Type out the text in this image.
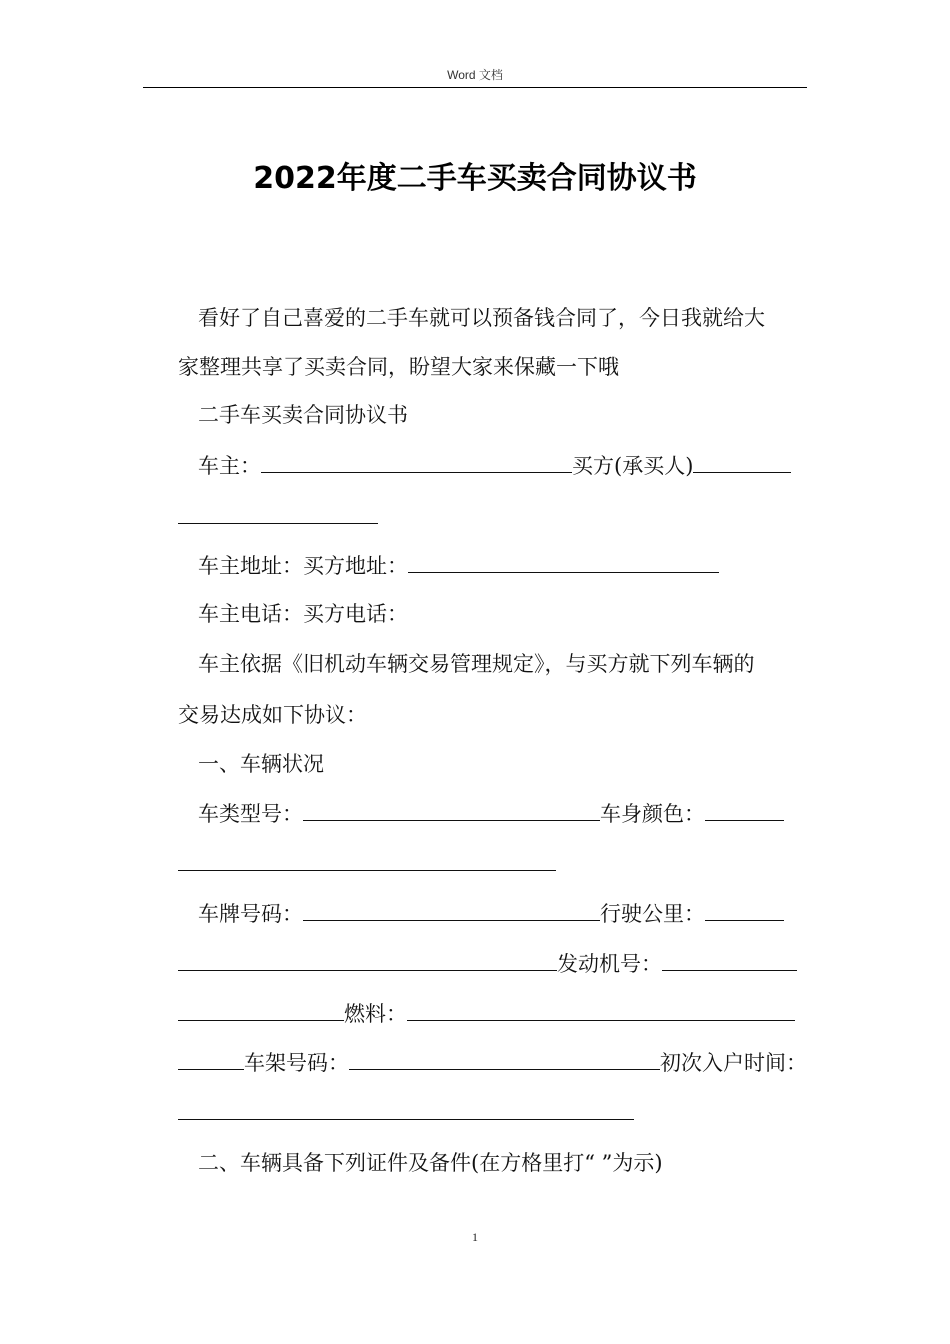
Word 文档
2022年度二手车买卖合同协议书
看好了自己喜爱的二手车就可以预备钱合同了，今日我就给大
家整理共享了买卖合同，盼望大家来保藏一下哦
二手车买卖合同协议书
车主：	买方(承买人)
车主地址：买方地址：
车主电话：买方电话：
车主依据《旧机动车辆交易管理规定》，与买方就下列车辆的
交易达成如下协议：
一、车辆状况
车类型号：	车身颜色：
车牌号码：	行驶公里：
发动机号：
燃料：
车架号码：	初次入户时间：
二、车辆具备下列证件及备件(在方格里打“ ”为示)
1
